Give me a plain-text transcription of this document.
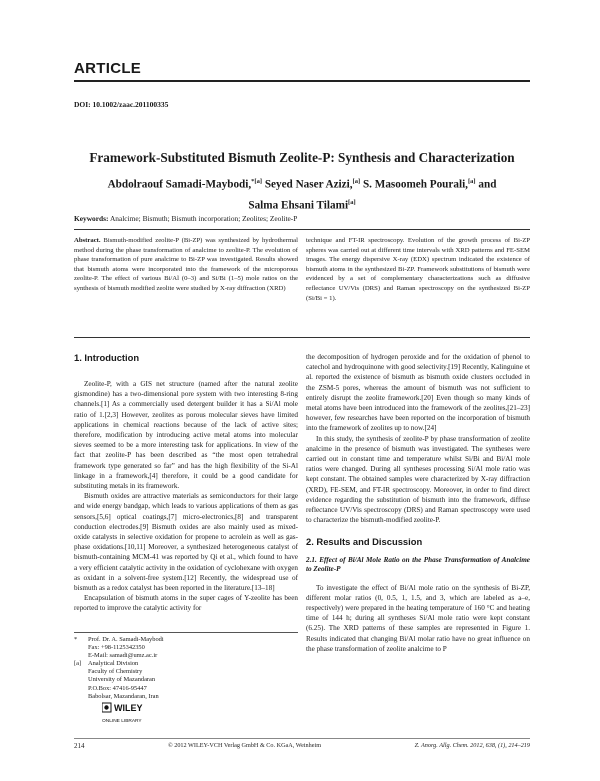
ARTICLE
DOI: 10.1002/zaac.201100335
Framework-Substituted Bismuth Zeolite-P: Synthesis and Characterization
Abdolraouf Samadi-Maybodi,$^{*[a]}$ Seyed Naser Azizi,[a] S. Masoomeh Pourali,[a] and
Salma Ehsani Tilami[a]
Keywords: Analcime; Bismuth; Bismuth incorporation; Zeolites; Zeolite-P

Abstract. Bismuth-modified zeolite-P (Bi-ZP) was synthesized by hydrothermal method during the phase transformation of analcime to zeolite-P. The evolution of phase transformation of pure analcime to Bi-ZP was investigated. Results showed that bismuth atoms were incorporated into the framework of the microporous zeolite-P. The effect of various Bi/Al (0–3) and Si/Bi (1–5) mole ratios on the synthesis of bismuth modified zeolite were studied by X-ray diffraction (XRD)

technique and FT-IR spectroscopy. Evolution of the growth process of Bi-ZP spheres was carried out at different time intervals with XRD patterns and FE-SEM images. The energy dispersive X-ray (EDX) spectrum indicated the existence of bismuth atoms in the synthesized Bi-ZP. Framework substitutions of bismuth were evidenced by a set of complementary characterizations such as diffusive reflectance UV/Vis (DRS) and Raman spectroscopy on the synthesized Bi-ZP (Si/Bi = 1).

1. Introduction

Zeolite-P, with a GIS net structure (named after the natural zeolite gismondine) has a two-dimensional pore system with two interesting 8-ring channels.[1] As a commercially used detergent builder it has a Si/Al mole ratio of 1.[2,3] However, zeolites as porous molecular sieves have limited applications in chemical reactions because of the lack of active sites; therefore, modification by introducing active metal atoms into molecular sieves seemed to be a more interesting task for applications. In view of the fact that zeolite-P has been described as “the most open tetrahedral framework type generated so far” and has the high flexibility of the Si-Al linkage in a framework,[4] therefore, it could be a good candidate for substituting metals in its framework.

Bismuth oxides are attractive materials as semiconductors for their large and wide energy bandgap, which leads to various applications of them as gas sensors,[5,6] optical coatings,[7] micro-electronics,[8] and transparent conduction electrodes.[9] Bismuth oxides are also mainly used as mixed-oxide catalysts in selective oxidation for propene to acrolein as well as gas-phase oxidations.[10,11] Moreover, a synthesized heterogeneous catalyst of bismuth-containing MCM-41 was reported by Qi et al., which found to have a very efficient catalytic activity in the oxidation of cyclohexane with oxygen as oxidant in a solvent-free system.[12] Recently, the widespread use of bismuth as a redox catalyst has been reported in the literature.[13–18]

Encapsulation of bismuth atoms in the super cages of Y-zeolite has been reported to improve the catalytic activity for

the decomposition of hydrogen peroxide and for the oxidation of phenol to catechol and hydroquinone with good selectivity.[19] Recently, Kalinguine et al. reported the existence of bismuth as bismuth oxide clusters occluded in the ZSM-5 pores, whereas the amount of bismuth was not sufficient to entirely disrupt the zeolite framework.[20] Even though so many kinds of metal atoms have been introduced into the framework of the zeolites,[21–23] however, few researches have been reported on the incorporation of bismuth into the framework of zeolites up to now.[24]

In this study, the synthesis of zeolite-P by phase transformation of zeolite analcime in the presence of bismuth was investigated. The syntheses were carried out in constant time and temperature whilst Si/Bi and Bi/Al mole ratios were changed. During all syntheses processing Si/Al mole ratio was kept constant. The obtained samples were characterized by X-ray diffraction (XRD), FE-SEM, and FT-IR spectroscopy. Moreover, in order to find direct evidence regarding the substitution of bismuth into the framework, diffuse reflectance UV/Vis spectroscopy (DRS) and Raman spectroscopy were used to characterize the bismuth-modified zeolite-P.

2. Results and Discussion
2.1. Effect of Bi/Al Mole Ratio on the Phase Transformation of Analcime to Zeolite-P

To investigate the effect of Bi/Al mole ratio on the synthesis of Bi-ZP, different molar ratios (0, 0.5, 1, 1.5, and 3, which are labeled as a–e, respectively) were prepared in the heating temperature of 160 °C and heating time of 144 h; during all syntheses Si/Al mole ratio were kept constant (6.25). The XRD patterns of these samples are represented in Figure 1. Results indicated that changing Bi/Al molar ratio have no great influence on the phase transformation of zeolite analcime to P

*	Prof. Dr. A. Samadi-Maybodi
Fax: +98-1125342350
E-Mail: samadi@umz.ac.ir
[a]	Analytical Division
Faculty of Chemistry
University of Mazandaran
P.O.Box: 47416-95447
Babolsar, Mazandaran, Iran
WILEY
ONLINE LIBRARY
214	© 2012 WILEY-VCH Verlag GmbH & Co. KGaA, Weinheim	Z. Anorg. Allg. Chem. 2012, 638, (1), 214–219
